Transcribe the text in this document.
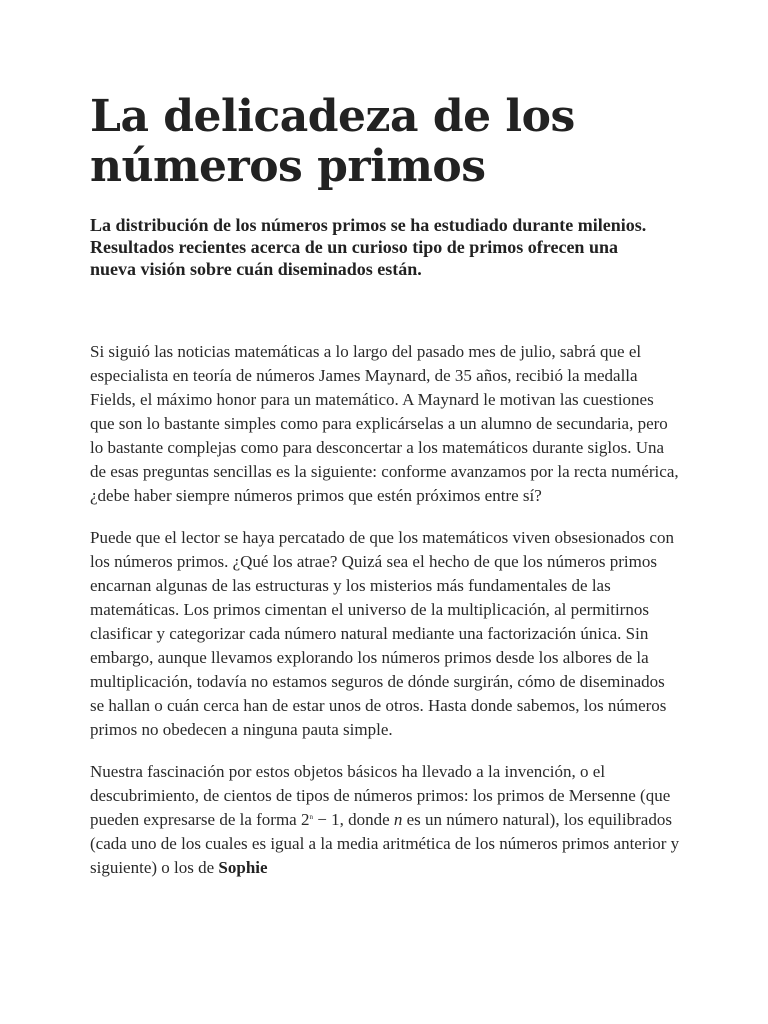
La delicadeza de los números primos

La distribución de los números primos se ha estudiado durante milenios. Resultados recientes acerca de un curioso tipo de primos ofrecen una nueva visión sobre cuán diseminados están.

Si siguió las noticias matemáticas a lo largo del pasado mes de julio, sabrá que el especialista en teoría de números James Maynard, de 35 años, recibió la medalla Fields, el máximo honor para un matemático. A Maynard le motivan las cuestiones que son lo bastante simples como para explicárselas a un alumno de secundaria, pero lo bastante complejas como para desconcertar a los matemáticos durante siglos. Una de esas preguntas sencillas es la siguiente: conforme avanzamos por la recta numérica, ¿debe haber siempre números primos que estén próximos entre sí?

Puede que el lector se haya percatado de que los matemáticos viven obsesionados con los números primos. ¿Qué los atrae? Quizá sea el hecho de que los números primos encarnan algunas de las estructuras y los misterios más fundamentales de las matemáticas. Los primos cimentan el universo de la multiplicación, al permitirnos clasificar y categorizar cada número natural mediante una factorización única. Sin embargo, aunque llevamos explorando los números primos desde los albores de la multiplicación, todavía no estamos seguros de dónde surgirán, cómo de diseminados se hallan o cuán cerca han de estar unos de otros. Hasta donde sabemos, los números primos no obedecen a ninguna pauta simple.

Nuestra fascinación por estos objetos básicos ha llevado a la invención, o el descubrimiento, de cientos de tipos de números primos: los primos de Mersenne (que pueden expresarse de la forma $2^n - 1$, donde n es un número natural), los equilibrados (cada uno de los cuales es igual a la media aritmética de los números primos anterior y siguiente) o los de Sophie
